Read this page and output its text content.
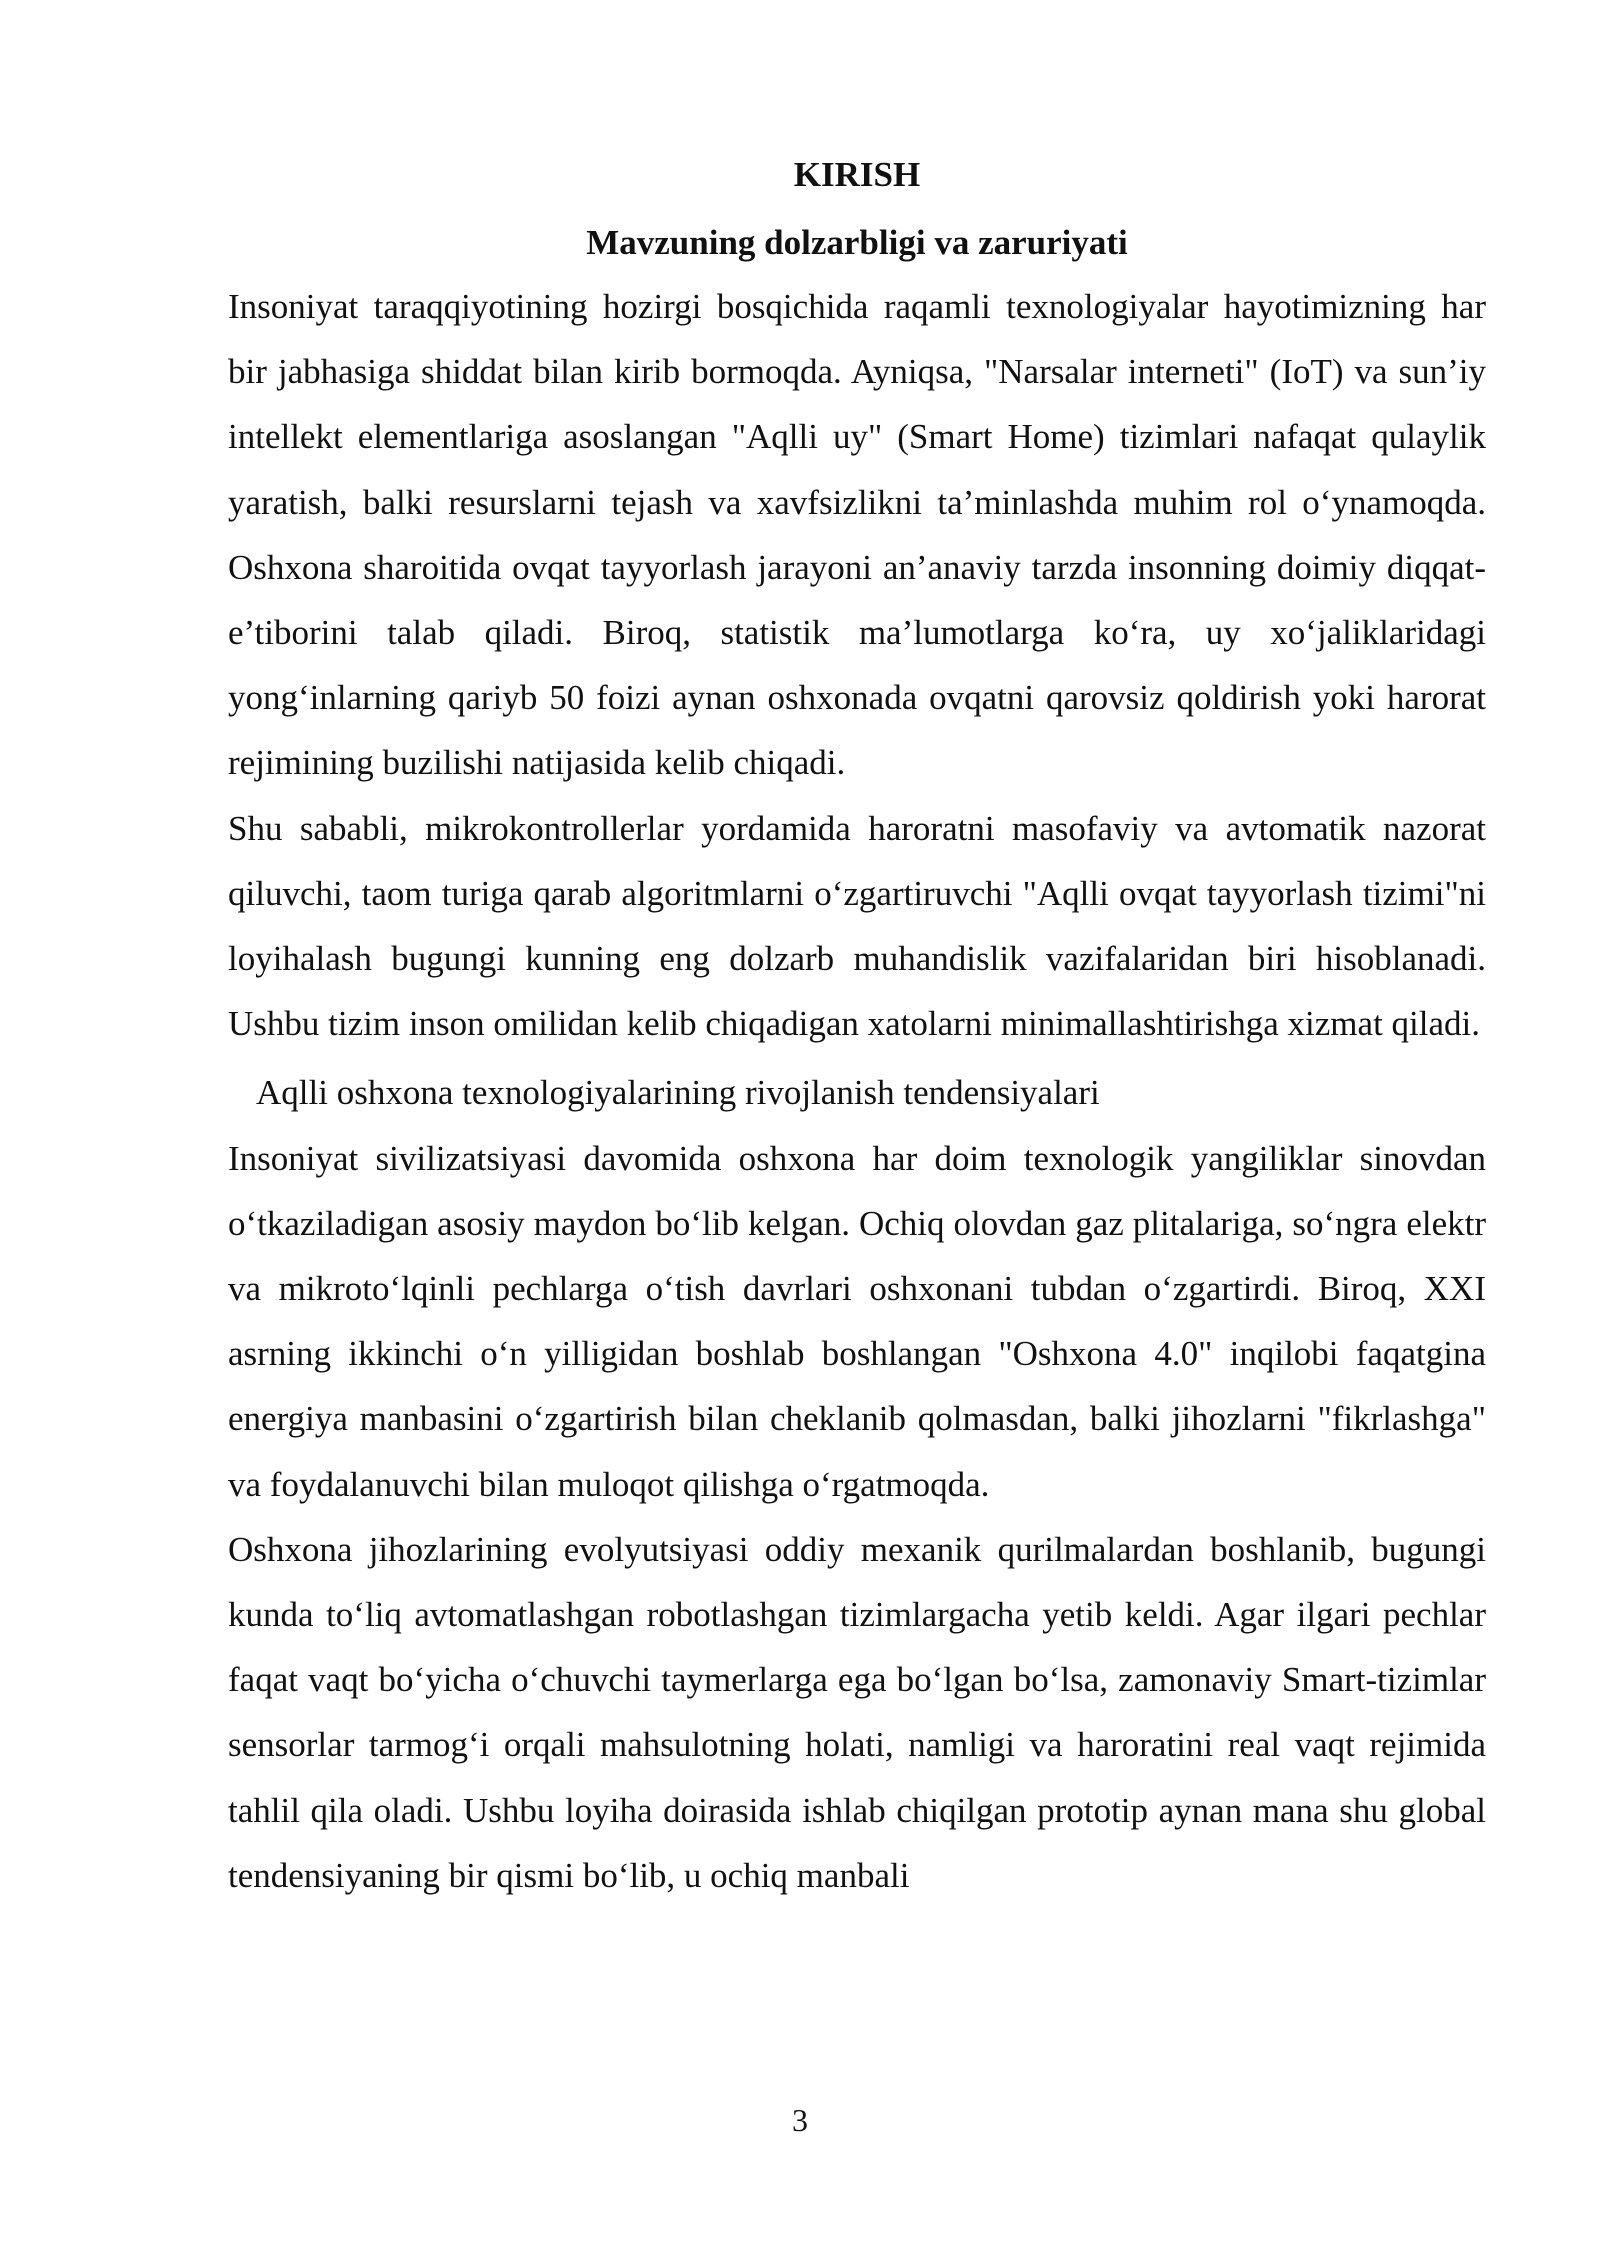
KIRISH
Mavzuning dolzarbligi va zaruriyati

Insoniyat taraqqiyotining hozirgi bosqichida raqamli texnologiyalar hayotimizning har bir jabhasiga shiddat bilan kirib bormoqda. Ayniqsa, "Narsalar interneti" (IoT) va sun’iy intellekt elementlariga asoslangan "Aqlli uy" (Smart Home) tizimlari nafaqat qulaylik yaratish, balki resurslarni tejash va xavfsizlikni ta’minlashda muhim rol o‘ynamoqda. Oshxona sharoitida ovqat tayyorlash jarayoni an’anaviy tarzda insonning doimiy diqqat-e’tiborini talab qiladi. Biroq, statistik ma’lumotlarga ko‘ra, uy xo‘jaliklaridagi yong‘inlarning qariyb 50 foizi aynan oshxonada ovqatni qarovsiz qoldirish yoki harorat rejimining buzilishi natijasida kelib chiqadi.

Shu sababli, mikrokontrollerlar yordamida haroratni masofaviy va avtomatik nazorat qiluvchi, taom turiga qarab algoritmlarni o‘zgartiruvchi "Aqlli ovqat tayyorlash tizimi"ni loyihalash bugungi kunning eng dolzarb muhandislik vazifalaridan biri hisoblanadi. Ushbu tizim inson omilidan kelib chiqadigan xatolarni minimallashtirishga xizmat qiladi.

Aqlli oshxona texnologiyalarining rivojlanish tendensiyalari

Insoniyat sivilizatsiyasi davomida oshxona har doim texnologik yangiliklar sinovdan o‘tkaziladigan asosiy maydon bo‘lib kelgan. Ochiq olovdan gaz plitalariga, so‘ngra elektr va mikroto‘lqinli pechlarga o‘tish davrlari oshxonani tubdan o‘zgartirdi. Biroq, XXI asrning ikkinchi o‘n yilligidan boshlab boshlangan "Oshxona 4.0" inqilobi faqatgina energiya manbasini o‘zgartirish bilan cheklanib qolmasdan, balki jihozlarni "fikrlashga" va foydalanuvchi bilan muloqot qilishga o‘rgatmoqda.

Oshxona jihozlarining evolyutsiyasi oddiy mexanik qurilmalardan boshlanib, bugungi kunda to‘liq avtomatlashgan robotlashgan tizimlargacha yetib keldi. Agar ilgari pechlar faqat vaqt bo‘yicha o‘chuvchi taymerlarga ega bo‘lgan bo‘lsa, zamonaviy Smart-tizimlar sensorlar tarmog‘i orqali mahsulotning holati, namligi va haroratini real vaqt rejimida tahlil qila oladi. Ushbu loyiha doirasida ishlab chiqilgan prototip aynan mana shu global tendensiyaning bir qismi bo‘lib, u ochiq manbali

3
